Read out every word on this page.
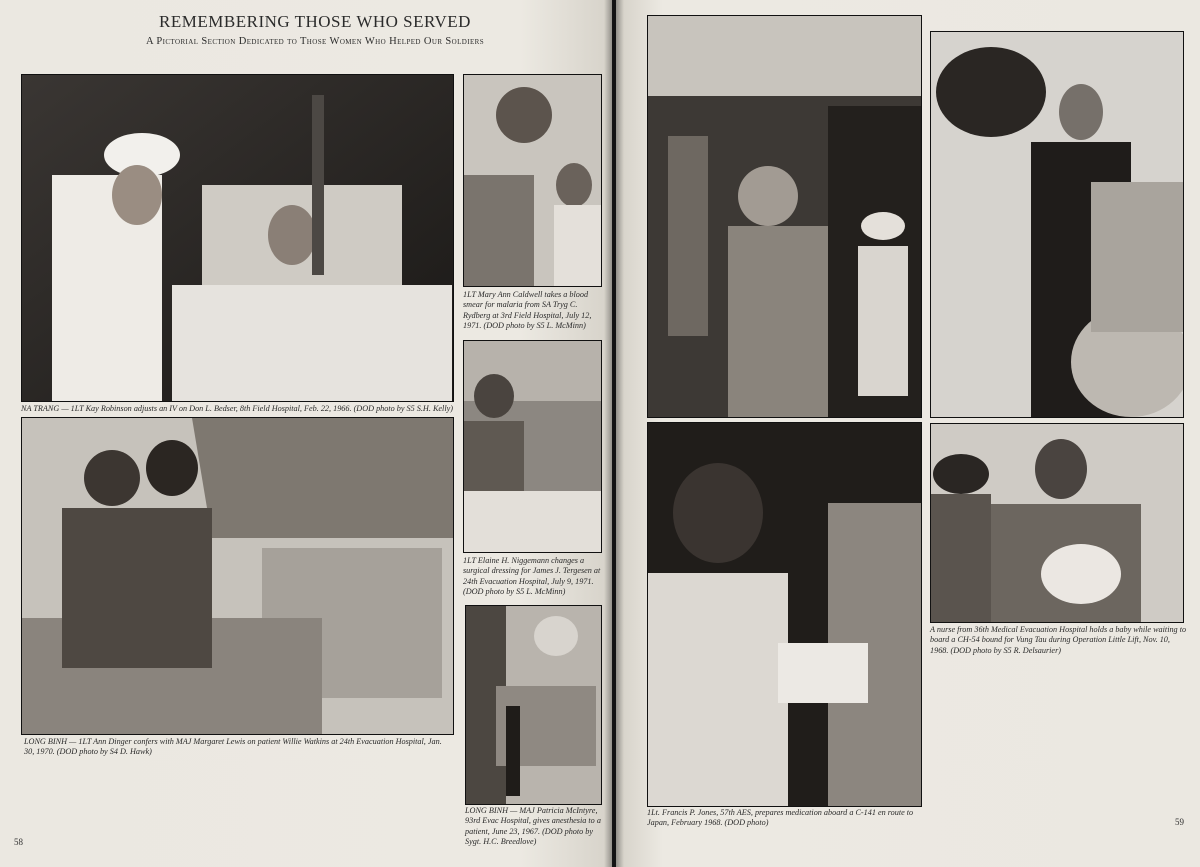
REMEMBERING THOSE WHO SERVED
A Pictorial Section Dedicated to Those Women Who Helped Our Soldiers
NA TRANG — 1LT Kay Robinson adjusts an IV on Don L. Bedser, 8th Field Hospital, Feb. 22, 1966. (DOD photo by S5 S.H. Kelly)
1LT Mary Ann Caldwell takes a blood smear for malaria from SA Tryg C. Rydberg at 3rd Field Hospital, July 12, 1971. (DOD photo by S5 L. McMinn)
1LT Elaine H. Niggemann changes a surgical dressing for James J. Tergesen at 24th Evacuation Hospital, July 9, 1971. (DOD photo by S5 L. McMinn)
LONG BINH — 1LT Ann Dinger confers with MAJ Margaret Lewis on patient Willie Watkins at 24th Evacuation Hospital, Jan. 30, 1970. (DOD photo by S4 D. Hawk)
LONG BINH — MAJ Patricia McIntyre, 93rd Evac Hospital, gives anesthesia to a patient, June 23, 1967. (DOD photo by Sygt. H.C. Breedlove)
58
1Lt. Francis P. Jones, 57th AES, prepares medication aboard a C-141 en route to Japan, February 1968. (DOD photo)
A nurse from 36th Medical Evacuation Hospital holds a baby while waiting to board a CH-54 bound for Vung Tau during Operation Little Lift, Nov. 10, 1968. (DOD photo by S5 R. Delsaurier)
59
